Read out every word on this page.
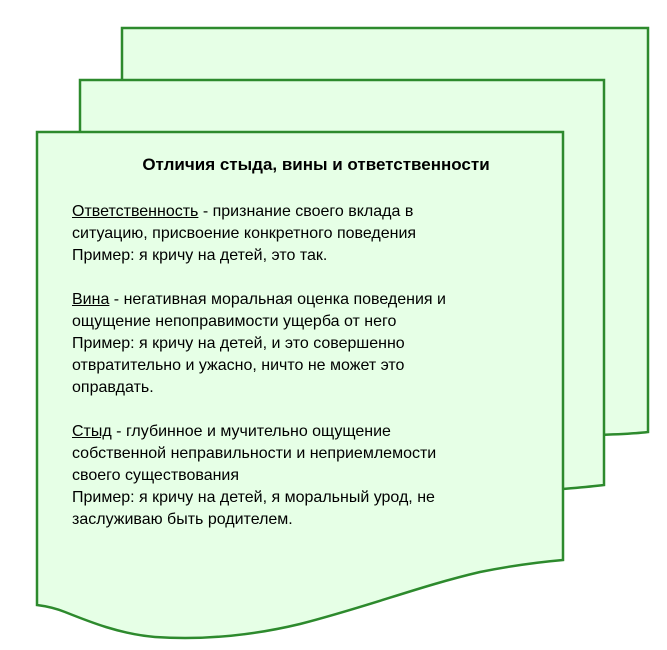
Отличия стыда, вины и ответственности
Ответственность - признание своего вклада в
ситуацию, присвоение конкретного поведения
Пример: я кричу на детей, это так.
Вина - негативная моральная оценка поведения и
ощущение непоправимости ущерба от него
Пример: я кричу на детей, и это совершенно
отвратительно и ужасно, ничто не может это
оправдать.
Стыд - глубинное и мучительно ощущение
собственной неправильности и неприемлемости
своего существования
Пример: я кричу на детей, я моральный урод, не
заслуживаю быть родителем.
